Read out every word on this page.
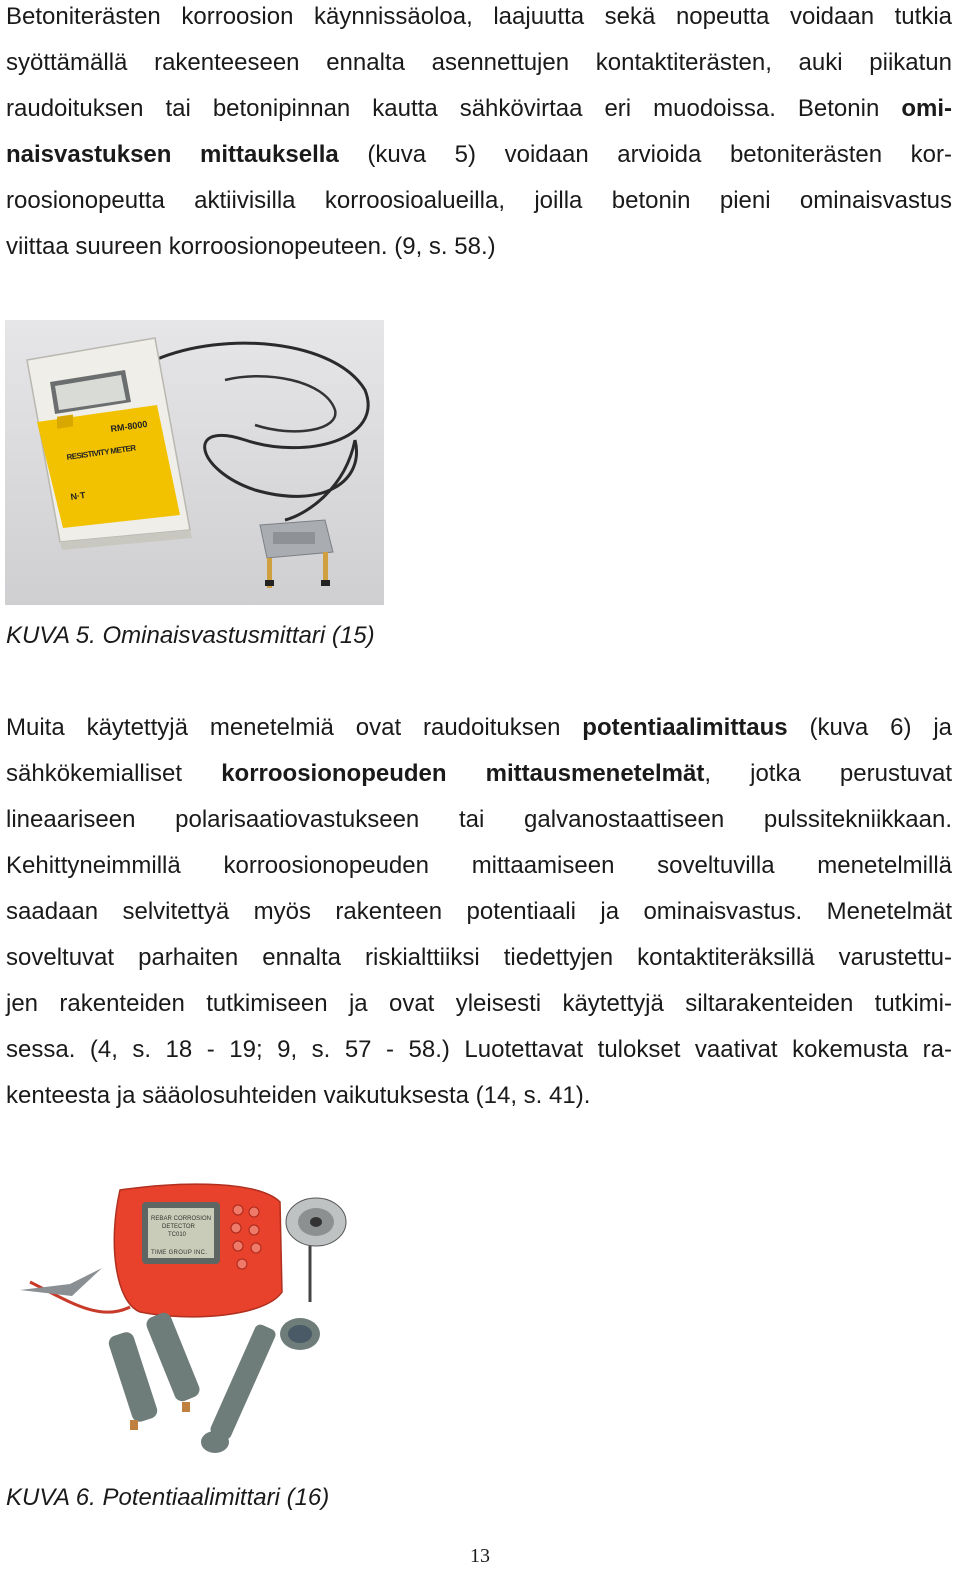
Betoniterästen korroosion käynnissäoloa, laajuutta sekä nopeutta voidaan tutkia
syöttämällä rakenteeseen ennalta asennettujen kontaktiterästen, auki piikatun
raudoituksen tai betonipinnan kautta sähkövirtaa eri muodoissa. Betonin omi-
naisvastuksen mittauksella (kuva 5) voidaan arvioida betoniterästen kor-
roosionopeutta aktiivisilla korroosioalueilla, joilla betonin pieni ominaisvastus
viittaa suureen korroosionopeuteen. (9, s. 58.)
RM-8000
RESISTIVITY METER
N·T
KUVA 5. Ominaisvastusmittari (15)
Muita käytettyjä menetelmiä ovat raudoituksen potentiaalimittaus (kuva 6) ja
sähkökemialliset korroosionopeuden mittausmenetelmät, jotka perustuvat
lineaariseen polarisaatiovastukseen tai galvanostaattiseen pulssitekniikkaan.
Kehittyneimmillä korroosionopeuden mittaamiseen soveltuvilla menetelmillä
saadaan selvitettyä myös rakenteen potentiaali ja ominaisvastus. Menetelmät
soveltuvat parhaiten ennalta riskialttiiksi tiedettyjen kontaktiteräksillä varustettu-
jen rakenteiden tutkimiseen ja ovat yleisesti käytettyjä siltarakenteiden tutkimi-
sessa. (4, s. 18 - 19; 9, s. 57 - 58.) Luotettavat tulokset vaativat kokemusta ra-
kenteesta ja sääolosuhteiden vaikutuksesta (14, s. 41).
REBAR CORROSION
DETECTOR
TC010
TIME GROUP INC.
KUVA 6. Potentiaalimittari (16)
13
